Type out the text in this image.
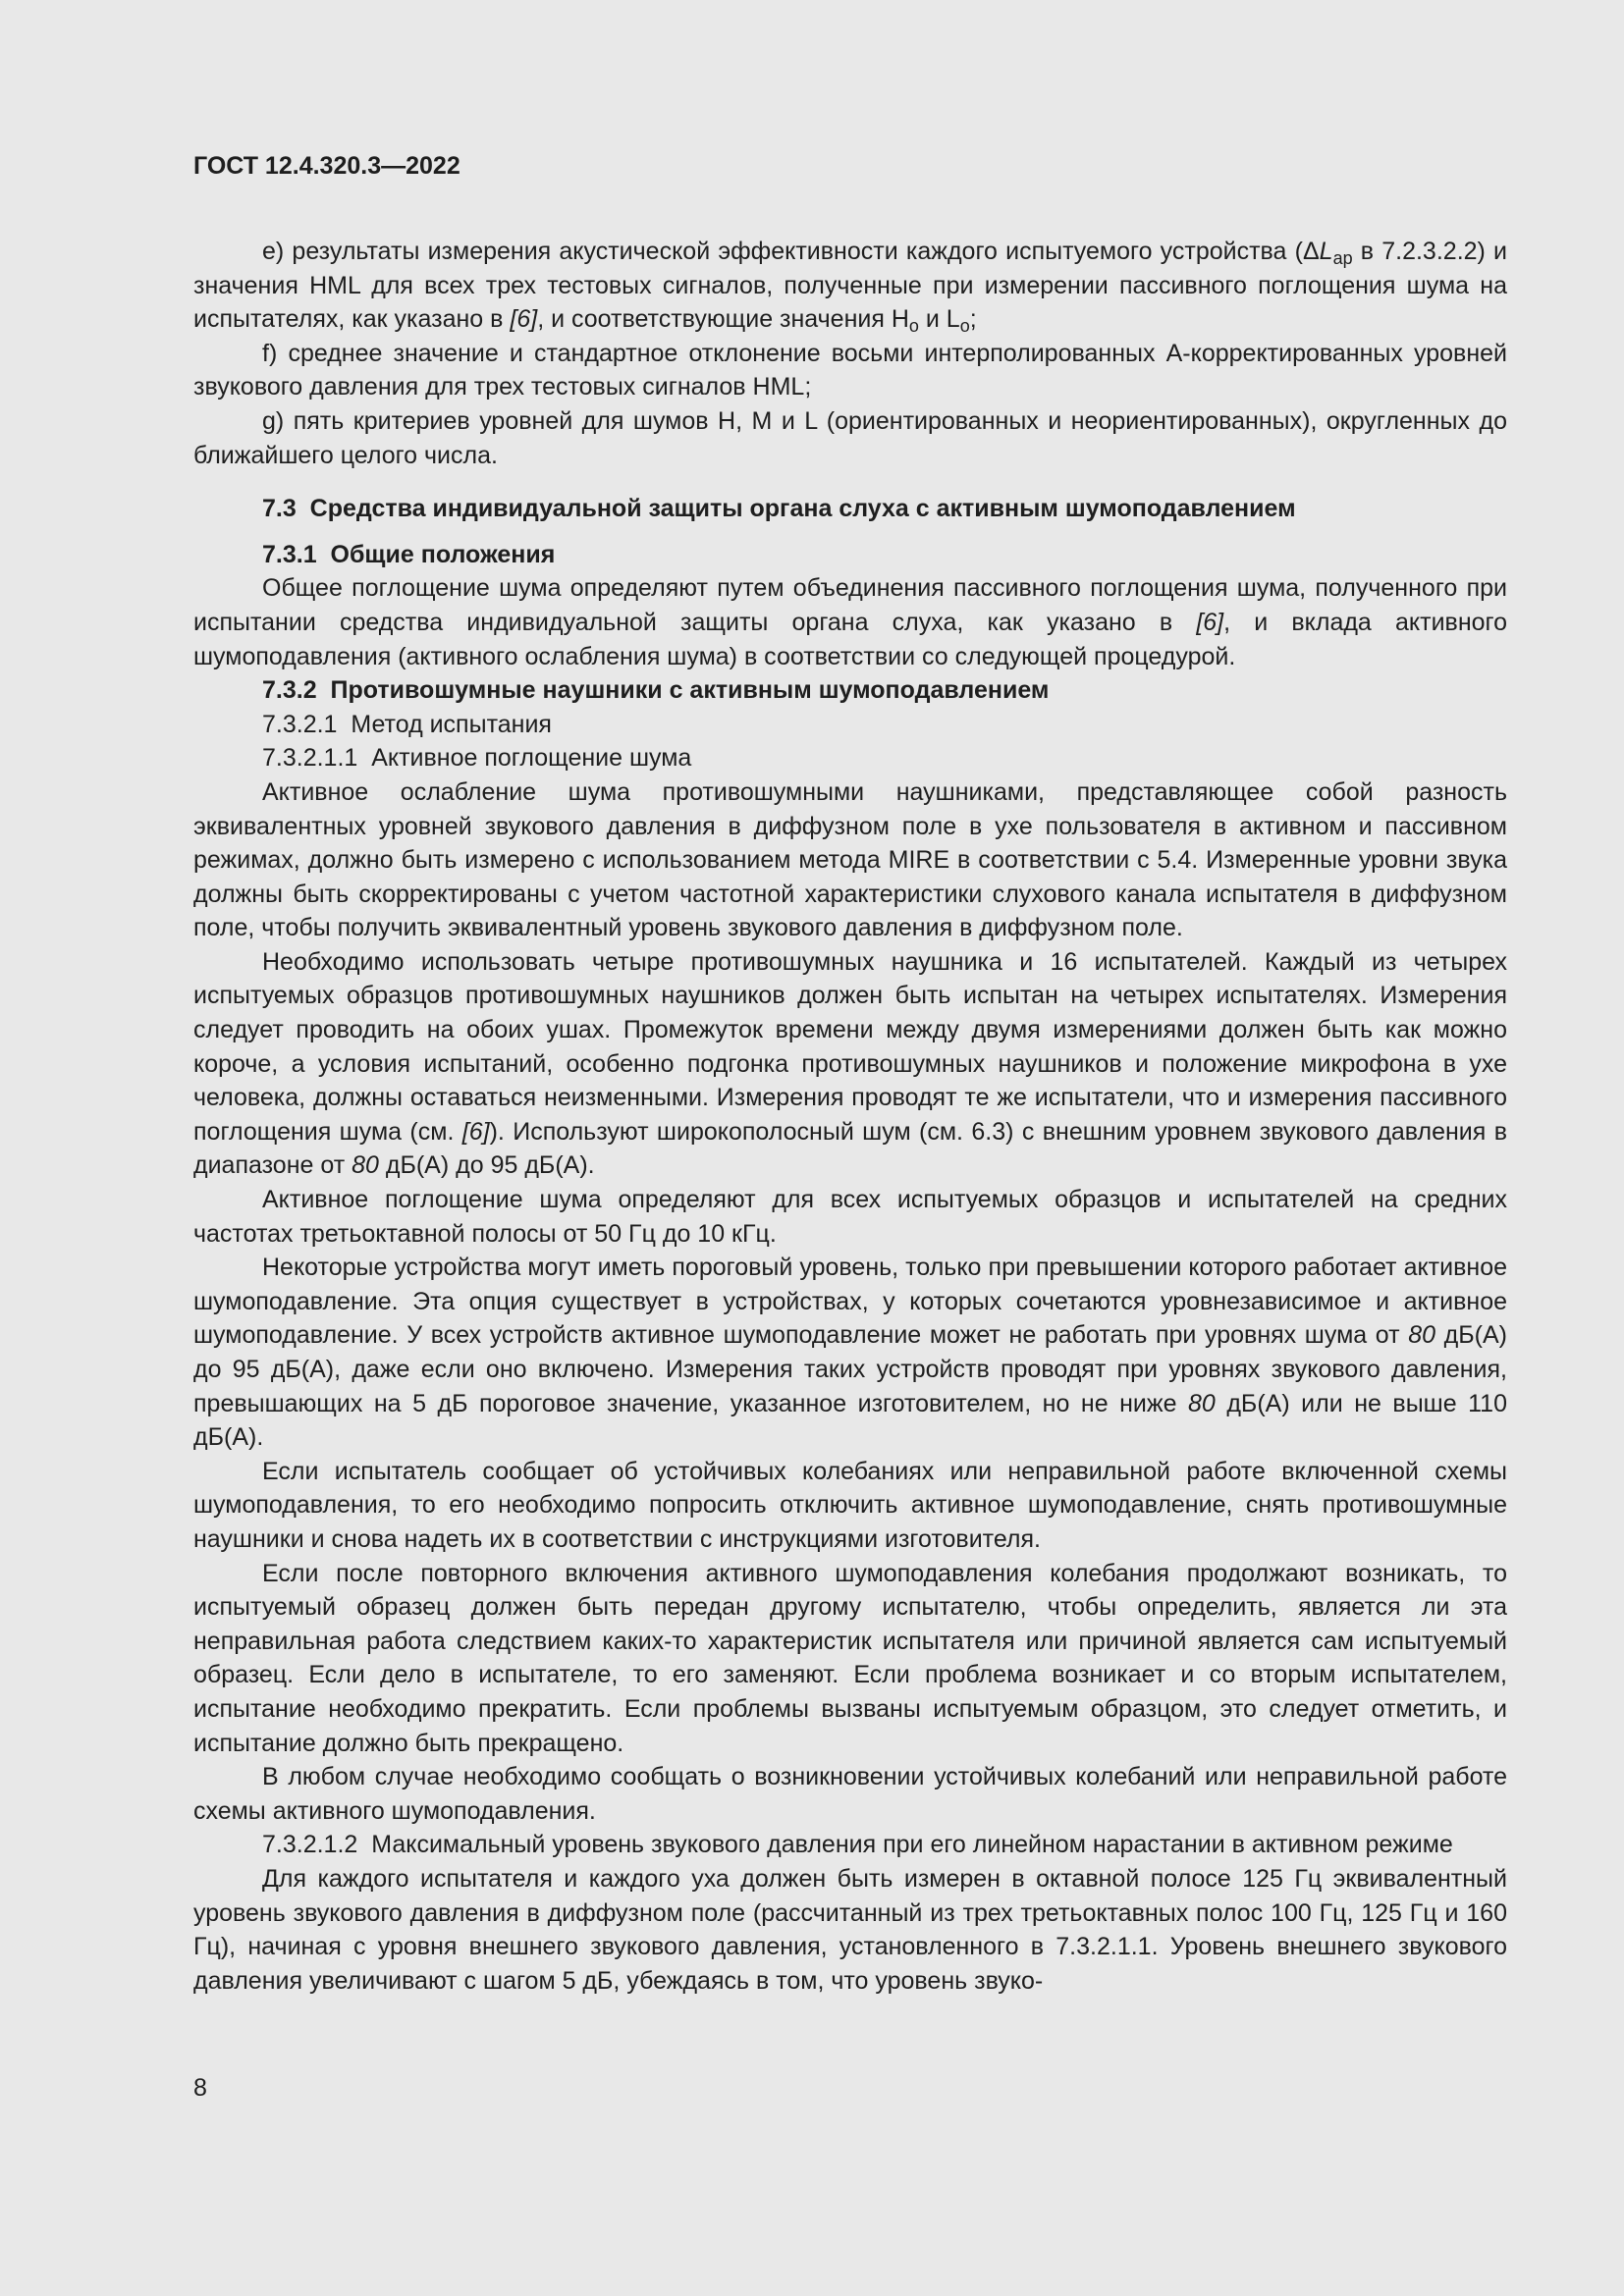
ГОСТ 12.4.320.3—2022
e) результаты измерения акустической эффективности каждого испытуемого устройства ($\Delta L_{ap}$ в 7.2.3.2.2) и значения HML для всех трех тестовых сигналов, полученные при измерении пассивного поглощения шума на испытателях, как указано в [6], и соответствующие значения $H_o$ и $L_o$;
f) среднее значение и стандартное отклонение восьми интерполированных А-корректированных уровней звукового давления для трех тестовых сигналов HML;
g) пять критериев уровней для шумов H, M и L (ориентированных и неориентированных), округленных до ближайшего целого числа.
7.3 Средства индивидуальной защиты органа слуха с активным шумоподавлением
7.3.1 Общие положения
Общее поглощение шума определяют путем объединения пассивного поглощения шума, полученного при испытании средства индивидуальной защиты органа слуха, как указано в [6], и вклада активного шумоподавления (активного ослабления шума) в соответствии со следующей процедурой.
7.3.2 Противошумные наушники с активным шумоподавлением
7.3.2.1 Метод испытания
7.3.2.1.1 Активное поглощение шума
Активное ослабление шума противошумными наушниками, представляющее собой разность эквивалентных уровней звукового давления в диффузном поле в ухе пользователя в активном и пассивном режимах, должно быть измерено с использованием метода MIRE в соответствии с 5.4. Измеренные уровни звука должны быть скорректированы с учетом частотной характеристики слухового канала испытателя в диффузном поле, чтобы получить эквивалентный уровень звукового давления в диффузном поле.
Необходимо использовать четыре противошумных наушника и 16 испытателей. Каждый из четырех испытуемых образцов противошумных наушников должен быть испытан на четырех испытателях. Измерения следует проводить на обоих ушах. Промежуток времени между двумя измерениями должен быть как можно короче, а условия испытаний, особенно подгонка противошумных наушников и положение микрофона в ухе человека, должны оставаться неизменными. Измерения проводят те же испытатели, что и измерения пассивного поглощения шума (см. [6]). Используют широкополосный шум (см. 6.3) с внешним уровнем звукового давления в диапазоне от 80 дБ(А) до 95 дБ(А).
Активное поглощение шума определяют для всех испытуемых образцов и испытателей на средних частотах третьоктавной полосы от 50 Гц до 10 кГц.
Некоторые устройства могут иметь пороговый уровень, только при превышении которого работает активное шумоподавление. Эта опция существует в устройствах, у которых сочетаются уровнезависимое и активное шумоподавление. У всех устройств активное шумоподавление может не работать при уровнях шума от 80 дБ(А) до 95 дБ(А), даже если оно включено. Измерения таких устройств проводят при уровнях звукового давления, превышающих на 5 дБ пороговое значение, указанное изготовителем, но не ниже 80 дБ(А) или не выше 110 дБ(А).
Если испытатель сообщает об устойчивых колебаниях или неправильной работе включенной схемы шумоподавления, то его необходимо попросить отключить активное шумоподавление, снять противошумные наушники и снова надеть их в соответствии с инструкциями изготовителя.
Если после повторного включения активного шумоподавления колебания продолжают возникать, то испытуемый образец должен быть передан другому испытателю, чтобы определить, является ли эта неправильная работа следствием каких-то характеристик испытателя или причиной является сам испытуемый образец. Если дело в испытателе, то его заменяют. Если проблема возникает и со вторым испытателем, испытание необходимо прекратить. Если проблемы вызваны испытуемым образцом, это следует отметить, и испытание должно быть прекращено.
В любом случае необходимо сообщать о возникновении устойчивых колебаний или неправильной работе схемы активного шумоподавления.
7.3.2.1.2 Максимальный уровень звукового давления при его линейном нарастании в активном режиме
Для каждого испытателя и каждого уха должен быть измерен в октавной полосе 125 Гц эквивалентный уровень звукового давления в диффузном поле (рассчитанный из трех третьоктавных полос 100 Гц, 125 Гц и 160 Гц), начиная с уровня внешнего звукового давления, установленного в 7.3.2.1.1. Уровень внешнего звукового давления увеличивают с шагом 5 дБ, убеждаясь в том, что уровень звуко-
8
